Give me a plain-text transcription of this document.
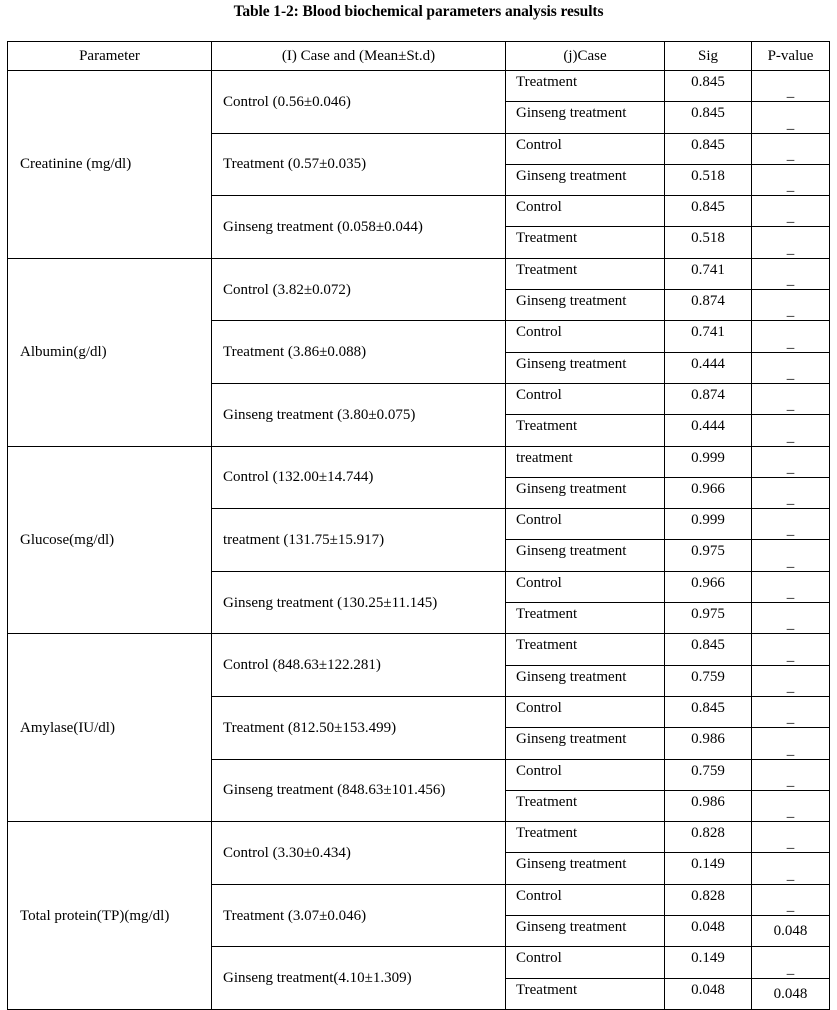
Table 1-2: Blood biochemical parameters analysis results
Parameter	(I) Case and (Mean±St.d)	(j)Case	Sig	P-value
Creatinine (mg/dl)	Control (0.56±0.046)	Treatment	0.845	_
		Ginseng treatment	0.845	_
	Treatment (0.57±0.035)	Control	0.845	_
		Ginseng treatment	0.518	_
	Ginseng treatment (0.058±0.044)	Control	0.845	_
		Treatment	0.518	_
Albumin(g/dl)	Control (3.82±0.072)	Treatment	0.741	_
		Ginseng treatment	0.874	_
	Treatment (3.86±0.088)	Control	0.741	_
		Ginseng treatment	0.444	_
	Ginseng treatment (3.80±0.075)	Control	0.874	_
		Treatment	0.444	_
Glucose(mg/dl)	Control (132.00±14.744)	treatment	0.999	_
		Ginseng treatment	0.966	_
	treatment (131.75±15.917)	Control	0.999	_
		Ginseng treatment	0.975	_
	Ginseng treatment (130.25±11.145)	Control	0.966	_
		Treatment	0.975	_
Amylase(IU/dl)	Control (848.63±122.281)	Treatment	0.845	_
		Ginseng treatment	0.759	_
	Treatment (812.50±153.499)	Control	0.845	_
		Ginseng treatment	0.986	_
	Ginseng treatment (848.63±101.456)	Control	0.759	_
		Treatment	0.986	_
Total protein(TP)(mg/dl)	Control (3.30±0.434)	Treatment	0.828	_
		Ginseng treatment	0.149	_
	Treatment (3.07±0.046)	Control	0.828	_
		Ginseng treatment	0.048	0.048
	Ginseng treatment(4.10±1.309)	Control	0.149	_
		Treatment	0.048	0.048
